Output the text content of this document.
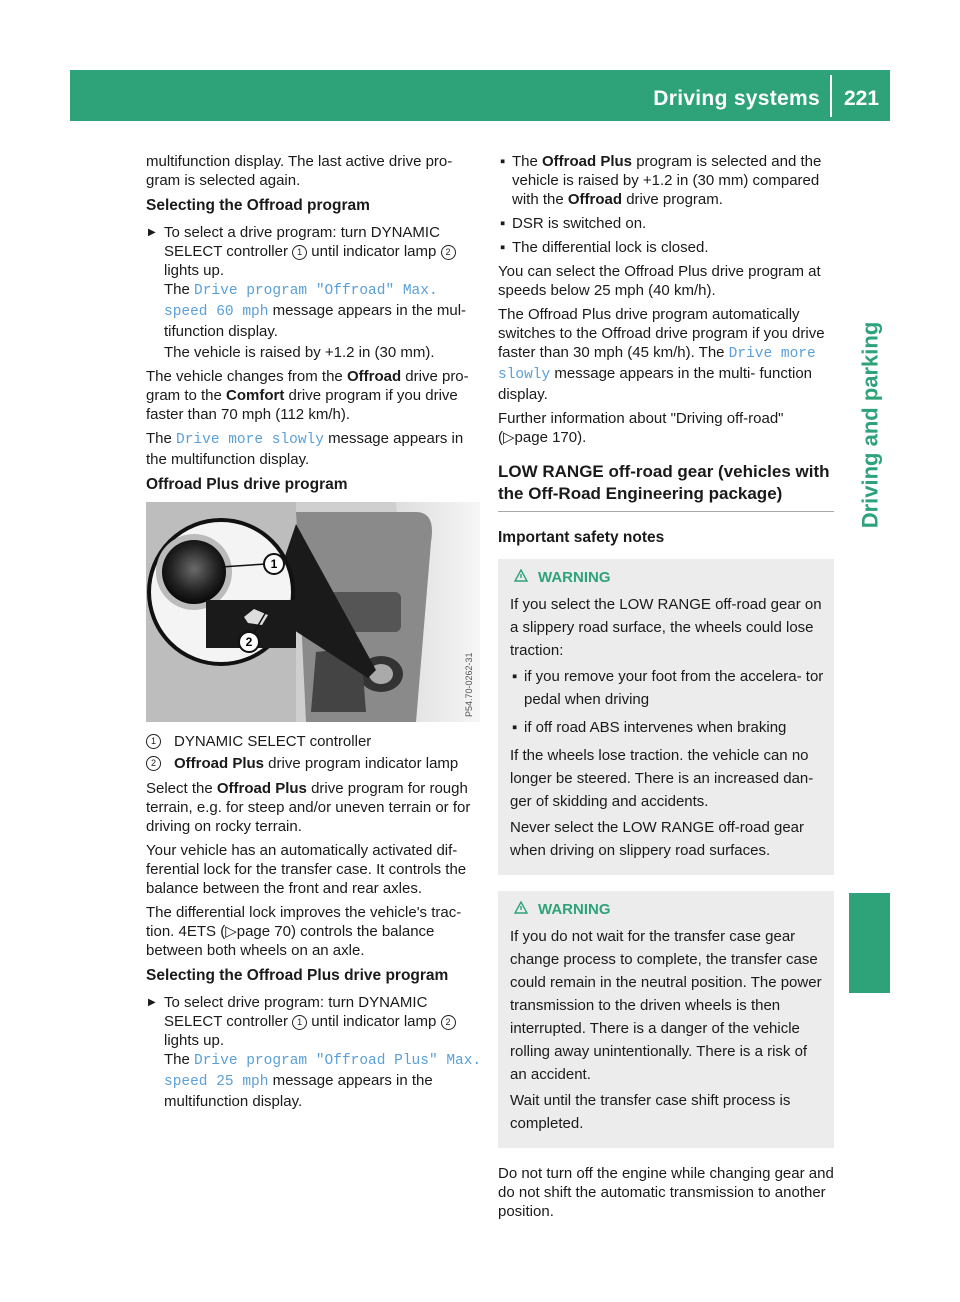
Driving systems 221
Driving and parking

multifunction display. The last active drive pro- gram is selected again.

Selecting the Offroad program
▶ To select a drive program: turn DYNAMIC SELECT controller 1 until indicator lamp 2 lights up.
The Drive program "Offroad" Max. speed 60 mph message appears in the mul- tifunction display.

The vehicle is raised by +1.2 in (30 mm).

The vehicle changes from the Offroad drive pro- gram to the Comfort drive program if you drive faster than 70 mph (112 km/h).

The Drive more slowly message appears in the multifunction display.

Offroad Plus drive program
1
2
P54.70-0262-31
1	DYNAMIC SELECT controller
2	Offroad Plus drive program indicator lamp

Select the Offroad Plus drive program for rough terrain, e.g. for steep and/or uneven terrain or for driving on rocky terrain.

Your vehicle has an automatically activated dif- ferential lock for the transfer case. It controls the balance between the front and rear axles.

The differential lock improves the vehicle's trac- tion. 4ETS (▷page 70) controls the balance between both wheels on an axle.

Selecting the Offroad Plus drive program
▶ To select drive program: turn DYNAMIC SELECT controller 1 until indicator lamp 2 lights up.
The Drive program "Offroad Plus" Max. speed 25 mph message appears in the multifunction display.
▪ The Offroad Plus program is selected and the vehicle is raised by +1.2 in (30 mm) compared with the Offroad drive program.
▪ DSR is switched on.
▪ The differential lock is closed.

You can select the Offroad Plus drive program at speeds below 25 mph (40 km/h).

The Offroad Plus drive program automatically switches to the Offroad drive program if you drive faster than 30 mph (45 km/h). The Drive more slowly message appears in the multi- function display.

Further information about "Driving off-road" (▷page 170).

LOW RANGE off-road gear (vehicles with the Off-Road Engineering package)
Important safety notes
WARNING

If you select the LOW RANGE off-road gear on a slippery road surface, the wheels could lose traction:

▪ if you remove your foot from the accelera- tor pedal when driving
▪ if off road ABS intervenes when braking

If the wheels lose traction. the vehicle can no longer be steered. There is an increased dan- ger of skidding and accidents.

Never select the LOW RANGE off-road gear when driving on slippery road surfaces.

WARNING

If you do not wait for the transfer case gear change process to complete, the transfer case could remain in the neutral position. The power transmission to the driven wheels is then interrupted. There is a danger of the vehicle rolling away unintentionally. There is a risk of an accident.

Wait until the transfer case shift process is completed.

Do not turn off the engine while changing gear and do not shift the automatic transmission to another position.
